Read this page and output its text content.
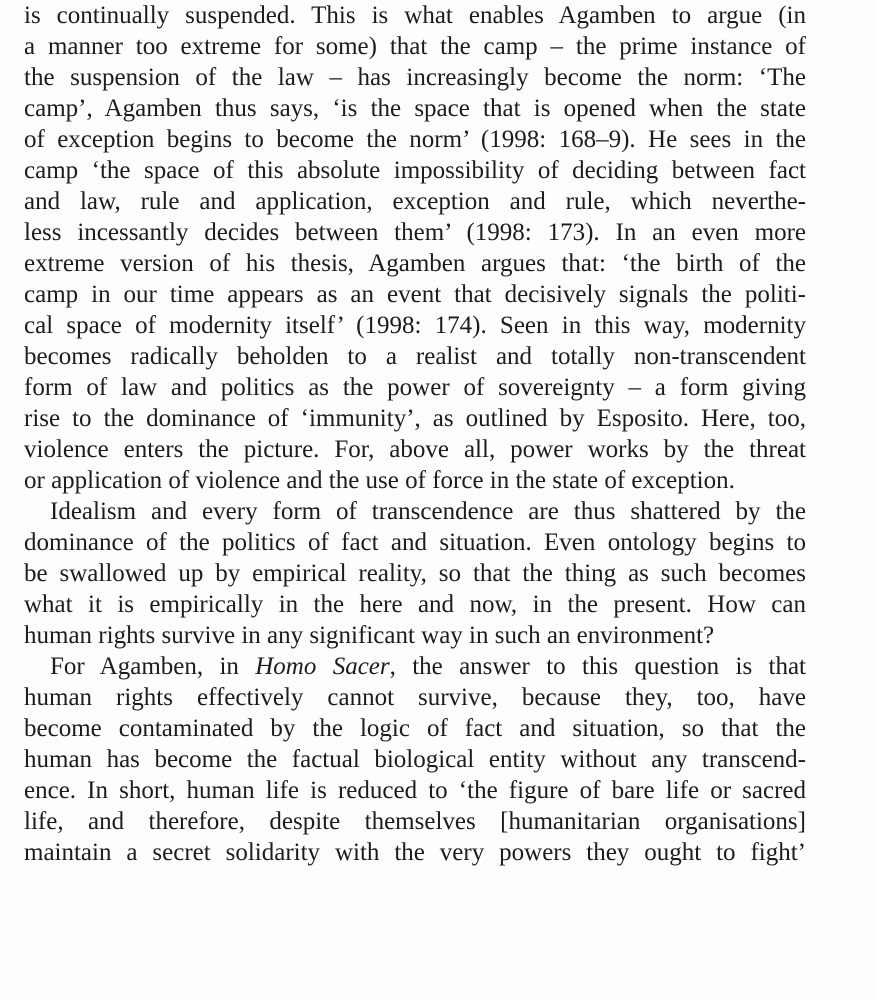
is continually suspended. This is what enables Agamben to argue (in
a manner too extreme for some) that the camp – the prime instance of
the suspension of the law – has increasingly become the norm: ‘The
camp’, Agamben thus says, ‘is the space that is opened when the state
of exception begins to become the norm’ (1998: 168–9). He sees in the
camp ‘the space of this absolute impossibility of deciding between fact
and law, rule and application, exception and rule, which neverthe-
less incessantly decides between them’ (1998: 173). In an even more
extreme version of his thesis, Agamben argues that: ‘the birth of the
camp in our time appears as an event that decisively signals the politi-
cal space of modernity itself’ (1998: 174). Seen in this way, modernity
becomes radically beholden to a realist and totally non-transcendent
form of law and politics as the power of sovereignty – a form giving
rise to the dominance of ‘immunity’, as outlined by Esposito. Here, too,
violence enters the picture. For, above all, power works by the threat
or application of violence and the use of force in the state of exception.
Idealism and every form of transcendence are thus shattered by the
dominance of the politics of fact and situation. Even ontology begins to
be swallowed up by empirical reality, so that the thing as such becomes
what it is empirically in the here and now, in the present. How can
human rights survive in any significant way in such an environment?
For Agamben, in Homo Sacer, the answer to this question is that
human rights effectively cannot survive, because they, too, have
become contaminated by the logic of fact and situation, so that the
human has become the factual biological entity without any transcend-
ence. In short, human life is reduced to ‘the figure of bare life or sacred
life, and therefore, despite themselves [humanitarian organisations]
maintain a secret solidarity with the very powers they ought to fight’
